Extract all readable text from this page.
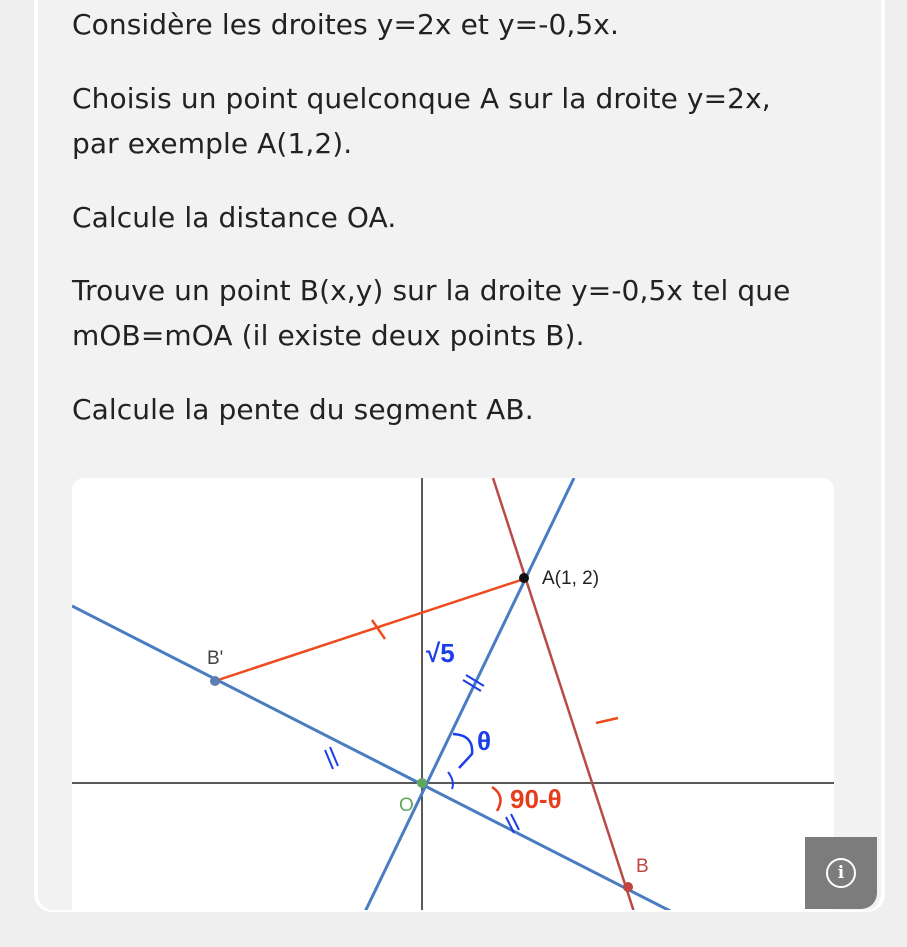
Considère les droites y=2x et y=-0,5x.

Choisis un point quelconque A sur la droite y=2x,

par exemple A(1,2).

Calcule la distance OA.

Trouve un point B(x,y) sur la droite y=-0,5x tel que

mOB=mOA (il existe deux points B).

Calcule la pente du segment AB.

A(1, 2)
B'
B
O
√5
θ
90-θ
i
